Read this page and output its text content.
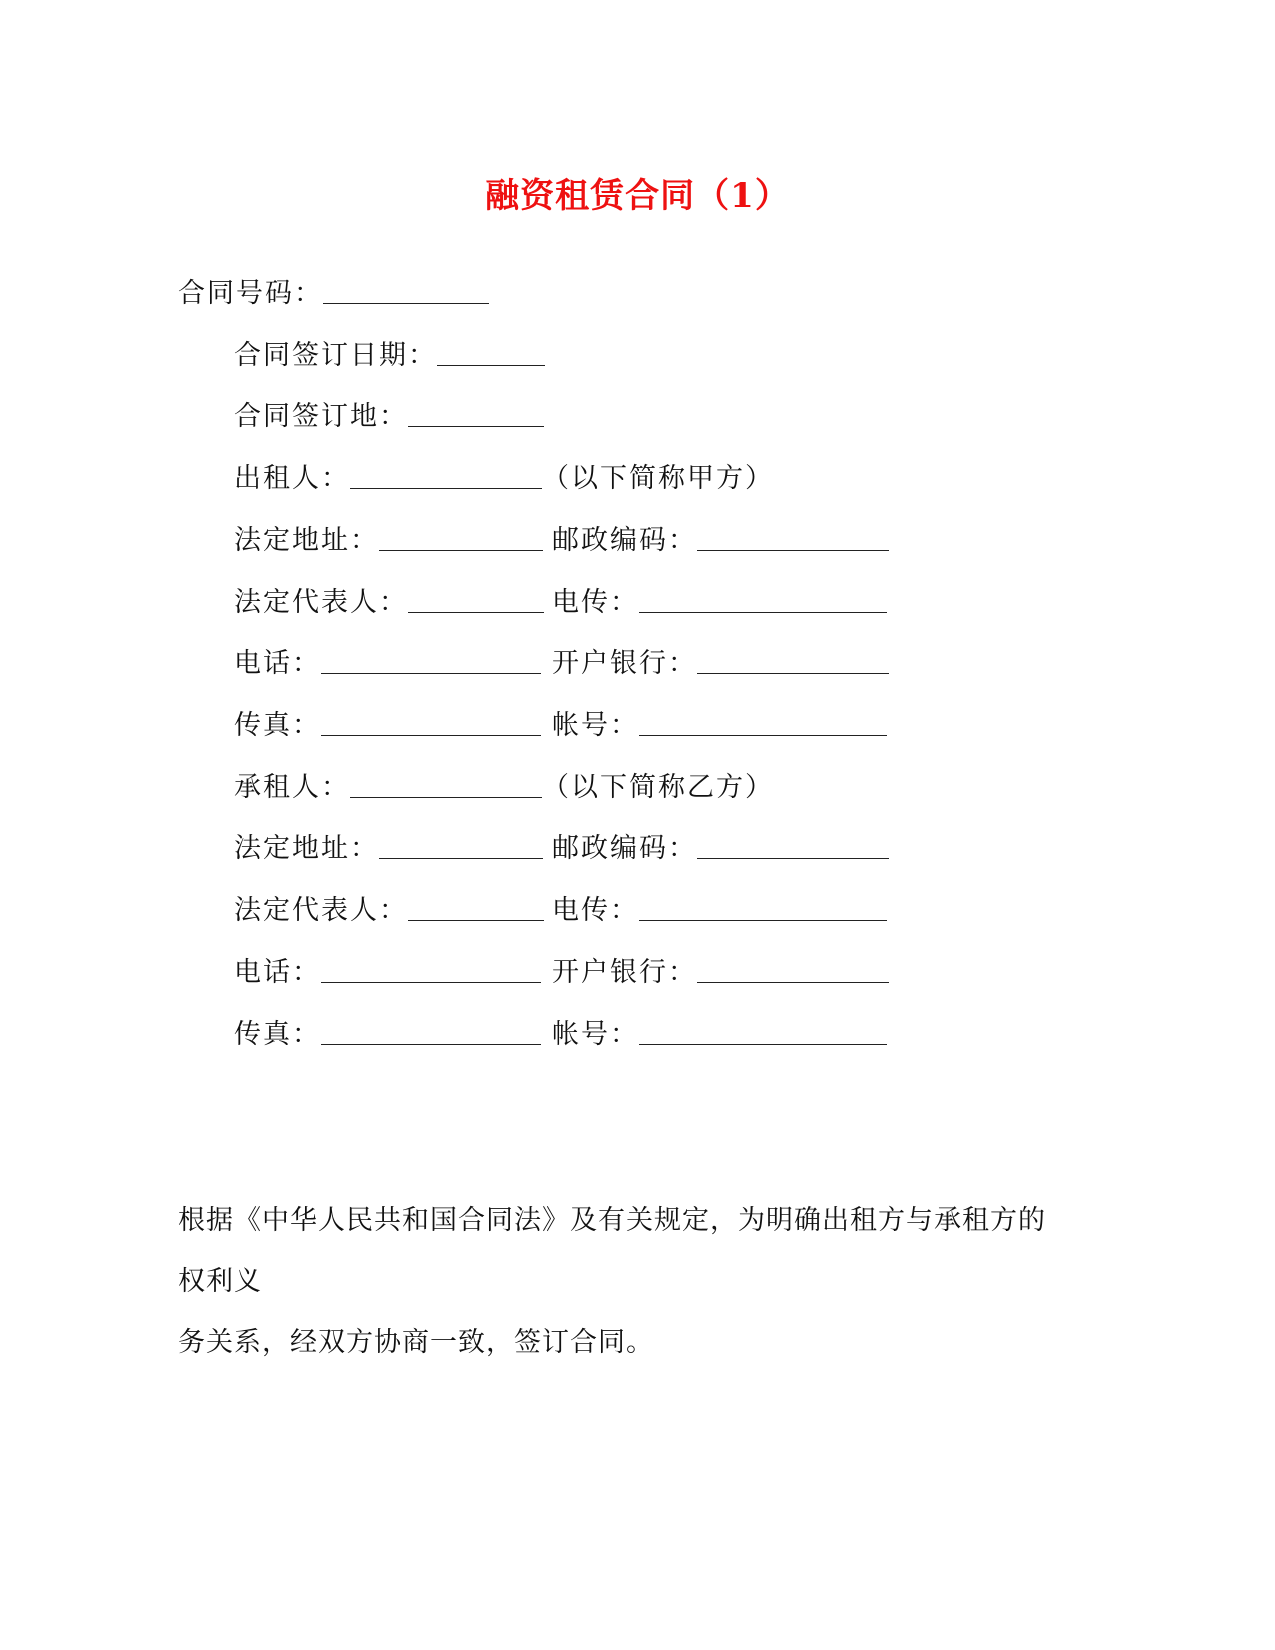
融资租赁合同（1）
合同号码：
合同签订日期：
合同签订地：
出租人：	（以下简称甲方）
法定地址：	邮政编码：
法定代表人：	电传：
电话：	开户银行：
传真：	帐号：
承租人：	（以下简称乙方）
法定地址：	邮政编码：
法定代表人：	电传：
电话：	开户银行：
传真：	帐号：
根据《中华人民共和国合同法》及有关规定，为明确出租方与承租方的
权利义
务关系，经双方协商一致，签订合同。
